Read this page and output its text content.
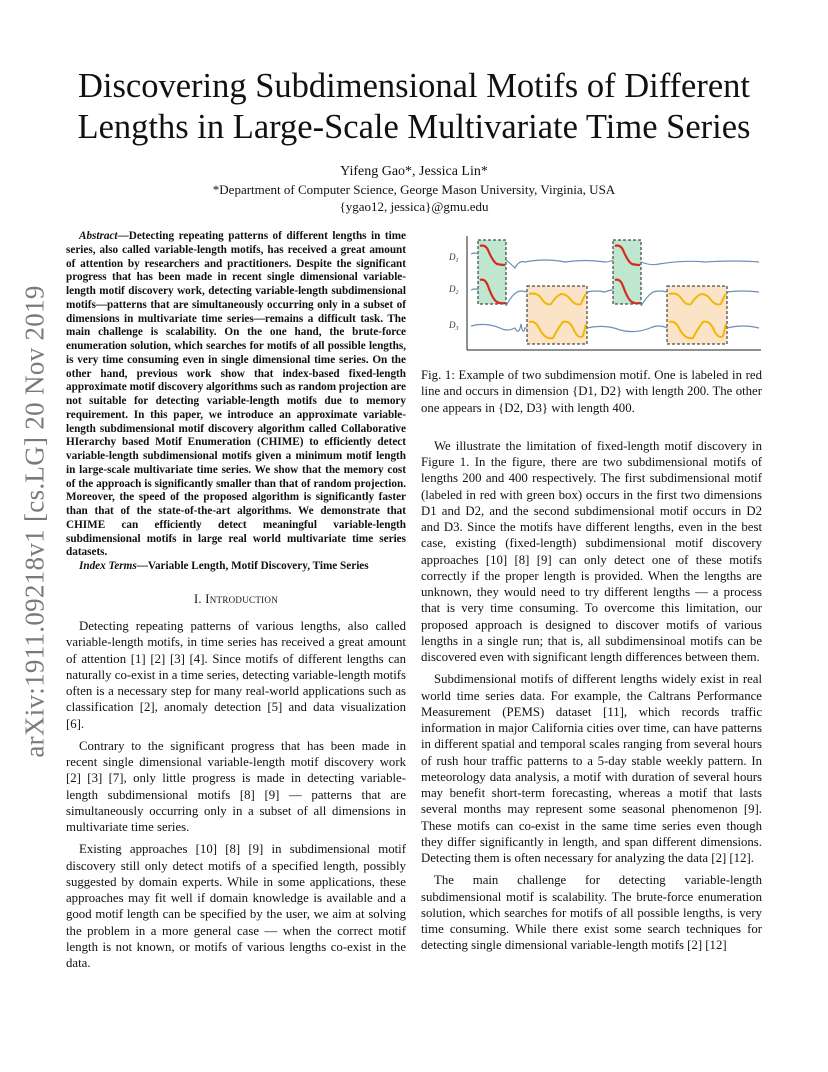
arXiv:1911.09218v1 [cs.LG] 20 Nov 2019
Discovering Subdimensional Motifs of Different Lengths in Large-Scale Multivariate Time Series
Yifeng Gao*, Jessica Lin*
*Department of Computer Science, George Mason University, Virginia, USA
{ygao12, jessica}@gmu.edu

Abstract—Detecting repeating patterns of different lengths in time series, also called variable-length motifs, has received a great amount of attention by researchers and practitioners. Despite the significant progress that has been made in recent single dimensional variable-length motif discovery work, detecting variable-length subdimensional motifs—patterns that are simultaneously occurring only in a subset of dimensions in multivariate time series—remains a difficult task. The main challenge is scalability. On the one hand, the brute-force enumeration solution, which searches for motifs of all possible lengths, is very time consuming even in single dimensional time series. On the other hand, previous work show that index-based fixed-length approximate motif discovery algorithms such as random projection are not suitable for detecting variable-length motifs due to memory requirement. In this paper, we introduce an approximate variable-length subdimensional motif discovery algorithm called Collaborative HIerarchy based Motif Enumeration (CHIME) to efficiently detect variable-length subdimensional motifs given a minimum motif length in large-scale multivariate time series. We show that the memory cost of the approach is significantly smaller than that of random projection. Moreover, the speed of the proposed algorithm is significantly faster than that of the state-of-the-art algorithms. We demonstrate that CHIME can efficiently detect meaningful variable-length subdimensional motifs in large real world multivariate time series datasets.

Index Terms—Variable Length, Motif Discovery, Time Series

I. Introduction

Detecting repeating patterns of various lengths, also called variable-length motifs, in time series has received a great amount of attention [1] [2] [3] [4]. Since motifs of different lengths can naturally co-exist in a time series, detecting variable-length motifs often is a necessary step for many real-world applications such as classification [2], anomaly detection [5] and data visualization [6].

Contrary to the significant progress that has been made in recent single dimensional variable-length motif discovery work [2] [3] [7], only little progress is made in detecting variable-length subdimensional motifs [8] [9] — patterns that are simultaneously occurring only in a subset of all dimensions in multivariate time series.

Existing approaches [10] [8] [9] in subdimensional motif discovery still only detect motifs of a specified length, possibly suggested by domain experts. While in some applications, these approaches may fit well if domain knowledge is available and a good motif length can be specified by the user, we aim at solving the problem in a more general case — when the correct motif length is not known, or motifs of various lengths co-exist in the data.

$D_1$
$D_2$
$D_3$

Fig. 1: Example of two subdimension motif. One is labeled in red line and occurs in dimension {D1, D2} with length 200. The other one appears in {D2, D3} with length 400.

We illustrate the limitation of fixed-length motif discovery in Figure 1. In the figure, there are two subdimensional motifs of lengths 200 and 400 respectively. The first subdimensional motif (labeled in red with green box) occurs in the first two dimensions D1 and D2, and the second subdimensional motif occurs in D2 and D3. Since the motifs have different lengths, even in the best case, existing (fixed-length) subdimensional motif discovery approaches [10] [8] [9] can only detect one of these motifs correctly if the proper length is provided. When the lengths are unknown, they would need to try different lengths — a process that is very time consuming. To overcome this limitation, our proposed approach is designed to discover motifs of various lengths in a single run; that is, all subdimensinoal motifs can be discovered even with significant length differences between them.

Subdimensional motifs of different lengths widely exist in real world time series data. For example, the Caltrans Performance Measurement (PEMS) dataset [11], which records traffic information in major California cities over time, can have patterns in different spatial and temporal scales ranging from several hours of rush hour traffic patterns to a 5-day stable weekly pattern. In meteorology data analysis, a motif with duration of several hours may benefit short-term forecasting, whereas a motif that lasts several months may represent some seasonal phenomenon [9]. These motifs can co-exist in the same time series even though they differ significantly in length, and span different dimensions. Detecting them is often necessary for analyzing the data [2] [12].

The main challenge for detecting variable-length subdimensional motif is scalability. The brute-force enumeration solution, which searches for motifs of all possible lengths, is very time consuming. While there exist some search techniques for detecting single dimensional variable-length motifs [2] [12]
